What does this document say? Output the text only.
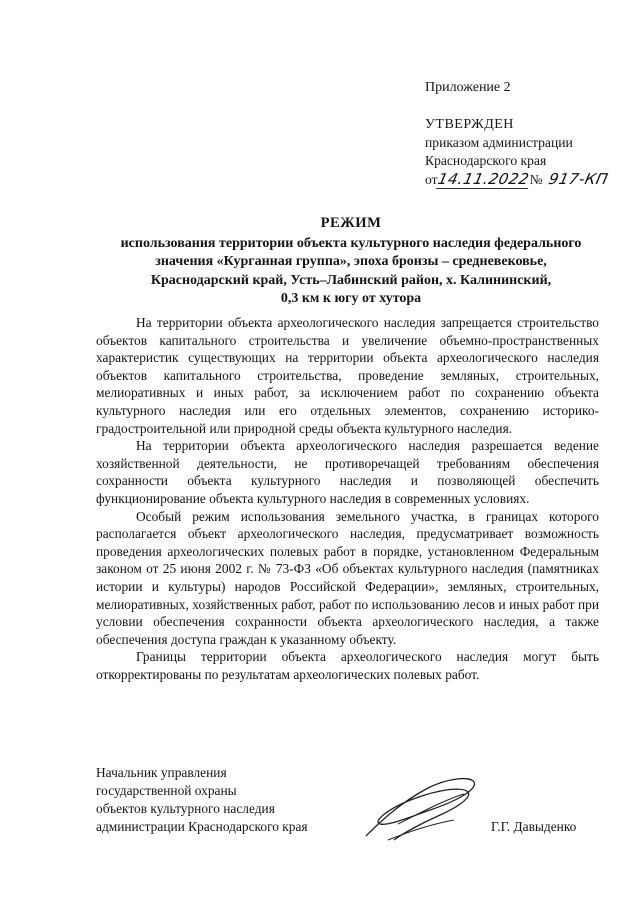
Приложение 2
УТВЕРЖДЕН
приказом администрации
Краснодарского края
от
14.11.2022 № 917-КП
РЕЖИМ
использования территории объекта культурного наследия федерального
значения «Курганная группа», эпоха бронзы – средневековье,
Краснодарский край, Усть–Лабинский район, х. Калининский,
0,3 км к югу от хутора

На территории объекта археологического наследия запрещается строительство объектов капитального строительства и увеличение объемно-пространственных характеристик существующих на территории объекта археологического наследия объектов капитального строительства, проведение земляных, строительных, мелиоративных и иных работ, за исключением работ по сохранению объекта культурного наследия или его отдельных элементов, сохранению историко-градостроительной или природной среды объекта культурного наследия.

На территории объекта археологического наследия разрешается ведение хозяйственной деятельности, не противоречащей требованиям обеспечения сохранности объекта культурного наследия и позволяющей обеспечить функционирование объекта культурного наследия в современных условиях.

Особый режим использования земельного участка, в границах которого располагается объект археологического наследия, предусматривает возможность проведения археологических полевых работ в порядке, установленном Федеральным законом от 25 июня 2002 г. № 73-ФЗ «Об объектах культурного наследия (памятниках истории и культуры) народов Российской Федерации», земляных, строительных, мелиоративных, хозяйственных работ, работ по использованию лесов и иных работ при условии обеспечения сохранности объекта археологического наследия, а также обеспечения доступа граждан к указанному объекту.

Границы территории объекта археологического наследия могут быть откорректированы по результатам археологических полевых работ.

Начальник управления
государственной охраны
объектов культурного наследия
администрации Краснодарского края	Г.Г. Давыденко
